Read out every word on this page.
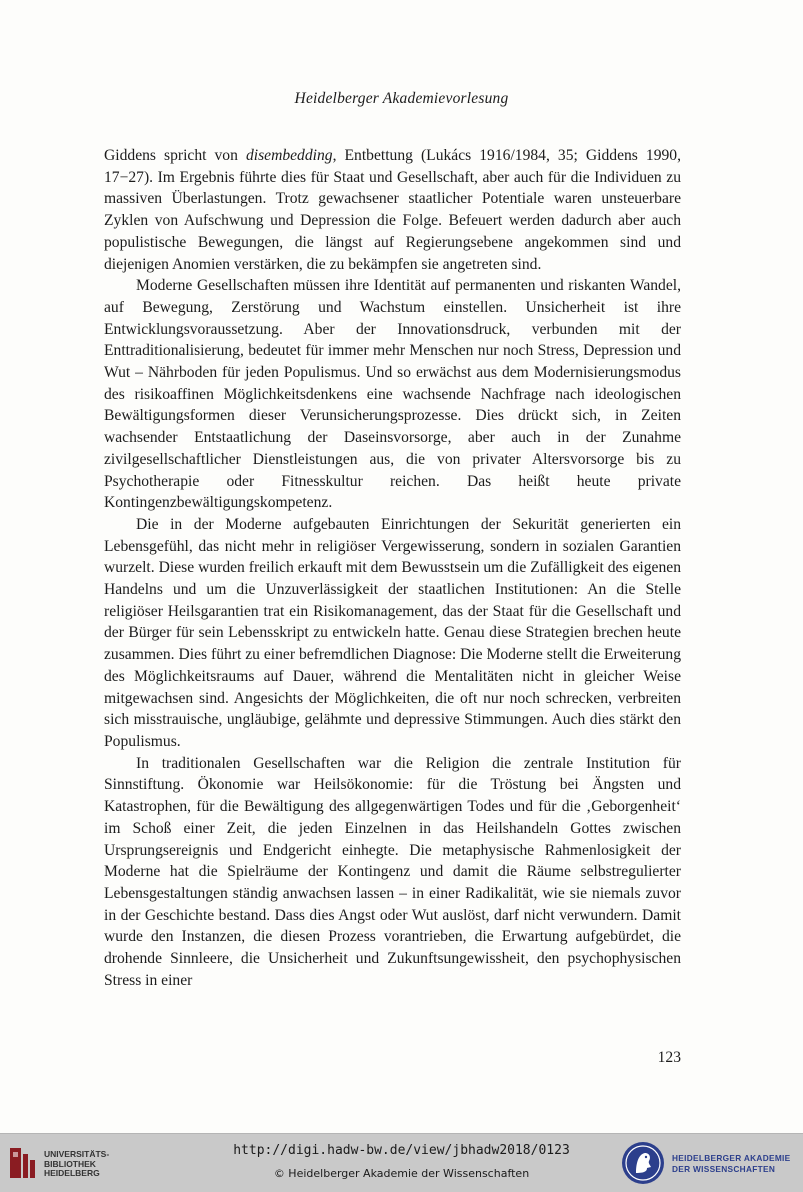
Heidelberger Akademievorlesung

Giddens spricht von disembedding, Entbettung (Lukács 1916/1984, 35; Giddens 1990, 17−27). Im Ergebnis führte dies für Staat und Gesellschaft, aber auch für die Individuen zu massiven Überlastungen. Trotz gewachsener staatlicher Potentiale waren unsteuerbare Zyklen von Aufschwung und Depression die Folge. Befeuert werden dadurch aber auch populistische Bewegungen, die längst auf Regierungsebene angekommen sind und diejenigen Anomien verstärken, die zu bekämpfen sie angetreten sind.

Moderne Gesellschaften müssen ihre Identität auf permanenten und riskanten Wandel, auf Bewegung, Zerstörung und Wachstum einstellen. Unsicherheit ist ihre Entwicklungsvoraussetzung. Aber der Innovationsdruck, verbunden mit der Enttraditionalisierung, bedeutet für immer mehr Menschen nur noch Stress, Depression und Wut – Nährboden für jeden Populismus. Und so erwächst aus dem Modernisierungsmodus des risikoaffinen Möglichkeitsdenkens eine wachsende Nachfrage nach ideologischen Bewältigungsformen dieser Verunsicherungsprozesse. Dies drückt sich, in Zeiten wachsender Entstaatlichung der Daseinsvorsorge, aber auch in der Zunahme zivilgesellschaftlicher Dienstleistungen aus, die von privater Altersvorsorge bis zu Psychotherapie oder Fitnesskultur reichen. Das heißt heute private Kontingenzbewältigungskompetenz.

Die in der Moderne aufgebauten Einrichtungen der Sekurität generierten ein Lebensgefühl, das nicht mehr in religiöser Vergewisserung, sondern in sozialen Garantien wurzelt. Diese wurden freilich erkauft mit dem Bewusstsein um die Zufälligkeit des eigenen Handelns und um die Unzuverlässigkeit der staatlichen Institutionen: An die Stelle religiöser Heilsgarantien trat ein Risikomanagement, das der Staat für die Gesellschaft und der Bürger für sein Lebensskript zu entwickeln hatte. Genau diese Strategien brechen heute zusammen. Dies führt zu einer befremdlichen Diagnose: Die Moderne stellt die Erweiterung des Möglichkeitsraums auf Dauer, während die Mentalitäten nicht in gleicher Weise mitgewachsen sind. Angesichts der Möglichkeiten, die oft nur noch schrecken, verbreiten sich misstrauische, ungläubige, gelähmte und depressive Stimmungen. Auch dies stärkt den Populismus.

In traditionalen Gesellschaften war die Religion die zentrale Institution für Sinnstiftung. Ökonomie war Heilsökonomie: für die Tröstung bei Ängsten und Katastrophen, für die Bewältigung des allgegenwärtigen Todes und für die ‚Geborgenheit‘ im Schoß einer Zeit, die jeden Einzelnen in das Heilshandeln Gottes zwischen Ursprungsereignis und Endgericht einhegte. Die metaphysische Rahmenlosigkeit der Moderne hat die Spielräume der Kontingenz und damit die Räume selbstregulierter Lebensgestaltungen ständig anwachsen lassen – in einer Radikalität, wie sie niemals zuvor in der Geschichte bestand. Dass dies Angst oder Wut auslöst, darf nicht verwundern. Damit wurde den Instanzen, die diesen Prozess vorantrieben, die Erwartung aufgebürdet, die drohende Sinnleere, die Unsicherheit und Zukunftsungewissheit, den psychophysischen Stress in einer

123
UNIVERSITÄTS-
BIBLIOTHEK
HEIDELBERG
http://digi.hadw-bw.de/view/jbhadw2018/0123
© Heidelberger Akademie der Wissenschaften
HEIDELBERGER AKADEMIE
DER WISSENSCHAFTEN
